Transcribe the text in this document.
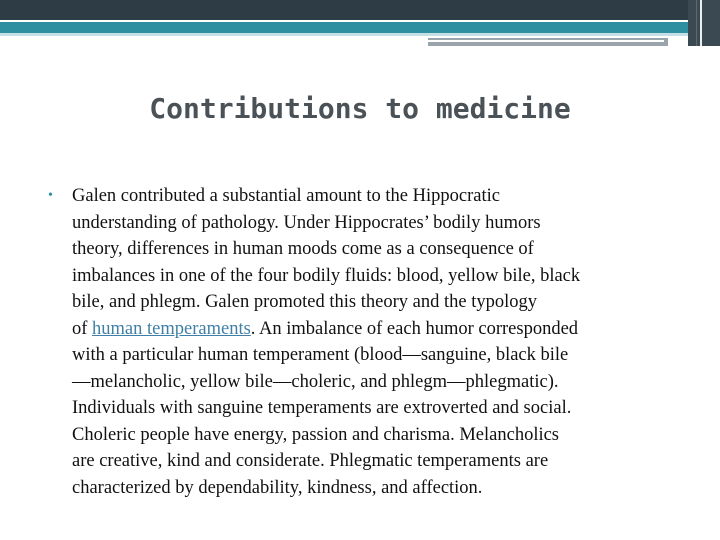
Contributions to medicine
• Galen contributed a substantial amount to the Hippocratic
understanding of pathology. Under Hippocrates’ bodily humors
theory, differences in human moods come as a consequence of
imbalances in one of the four bodily fluids: blood, yellow bile, black
bile, and phlegm. Galen promoted this theory and the typology
of human temperaments. An imbalance of each humor corresponded
with a particular human temperament (blood—sanguine, black bile
—melancholic, yellow bile—choleric, and phlegm—phlegmatic).
Individuals with sanguine temperaments are extroverted and social.
Choleric people have energy, passion and charisma. Melancholics
are creative, kind and considerate. Phlegmatic temperaments are
characterized by dependability, kindness, and affection.
